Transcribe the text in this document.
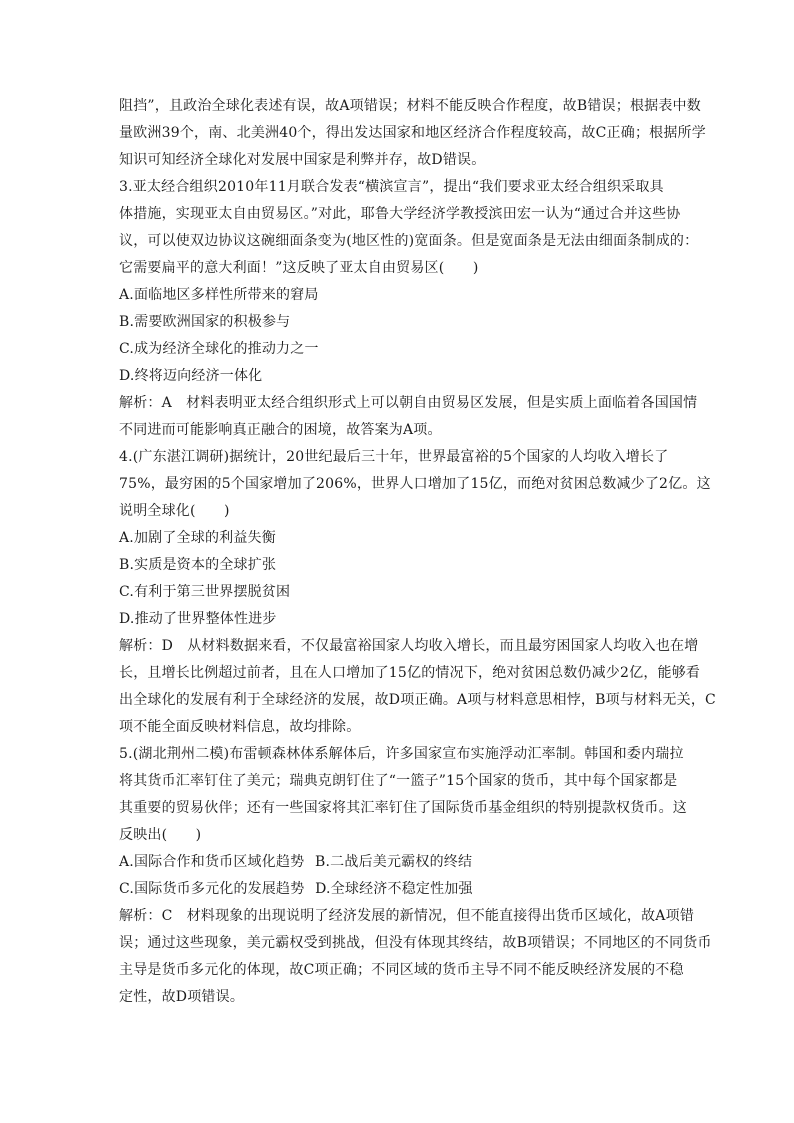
阻挡”，且政治全球化表述有误，故A项错误；材料不能反映合作程度，故B错误；根据表中数
量欧洲39个，南、北美洲40个，得出发达国家和地区经济合作程度较高，故C正确；根据所学
知识可知经济全球化对发展中国家是利弊并存，故D错误。

3.亚太经合组织2010年11月联合发表“横滨宣言”，提出“我们要求亚太经合组织采取具
体措施，实现亚太自由贸易区。”对此，耶鲁大学经济学教授滨田宏一认为“通过合并这些协
议，可以使双边协议这碗细面条变为(地区性的)宽面条。但是宽面条是无法由细面条制成的：
它需要扁平的意大利面！”这反映了亚太自由贸易区(　　)

A.面临地区多样性所带来的窘局
B.需要欧洲国家的积极参与
C.成为经济全球化的推动力之一
D.终将迈向经济一体化

解析：A　材料表明亚太经合组织形式上可以朝自由贸易区发展，但是实质上面临着各国国情
不同进而可能影响真正融合的困境，故答案为A项。

4.(广东湛江调研)据统计，20世纪最后三十年，世界最富裕的5个国家的人均收入增长了
75%，最穷困的5个国家增加了206%，世界人口增加了15亿，而绝对贫困总数减少了2亿。这
说明全球化(　　)

A.加剧了全球的利益失衡
B.实质是资本的全球扩张
C.有利于第三世界摆脱贫困
D.推动了世界整体性进步

解析：D　从材料数据来看，不仅最富裕国家人均收入增长，而且最穷困国家人均收入也在增
长，且增长比例超过前者，且在人口增加了15亿的情况下，绝对贫困总数仍减少2亿，能够看
出全球化的发展有利于全球经济的发展，故D项正确。A项与材料意思相悖，B项与材料无关，C
项不能全面反映材料信息，故均排除。

5.(湖北荆州二模)布雷顿森林体系解体后，许多国家宣布实施浮动汇率制。韩国和委内瑞拉
将其货币汇率钉住了美元；瑞典克朗钉住了“一篮子”15个国家的货币，其中每个国家都是
其重要的贸易伙伴；还有一些国家将其汇率钉住了国际货币基金组织的特别提款权货币。这
反映出(　　)

A.国际合作和货币区域化趋势 B.二战后美元霸权的终结
C.国际货币多元化的发展趋势 D.全球经济不稳定性加强

解析：C　材料现象的出现说明了经济发展的新情况，但不能直接得出货币区域化，故A项错
误；通过这些现象，美元霸权受到挑战，但没有体现其终结，故B项错误；不同地区的不同货币
主导是货币多元化的体现，故C项正确；不同区域的货币主导不同不能反映经济发展的不稳
定性，故D项错误。
